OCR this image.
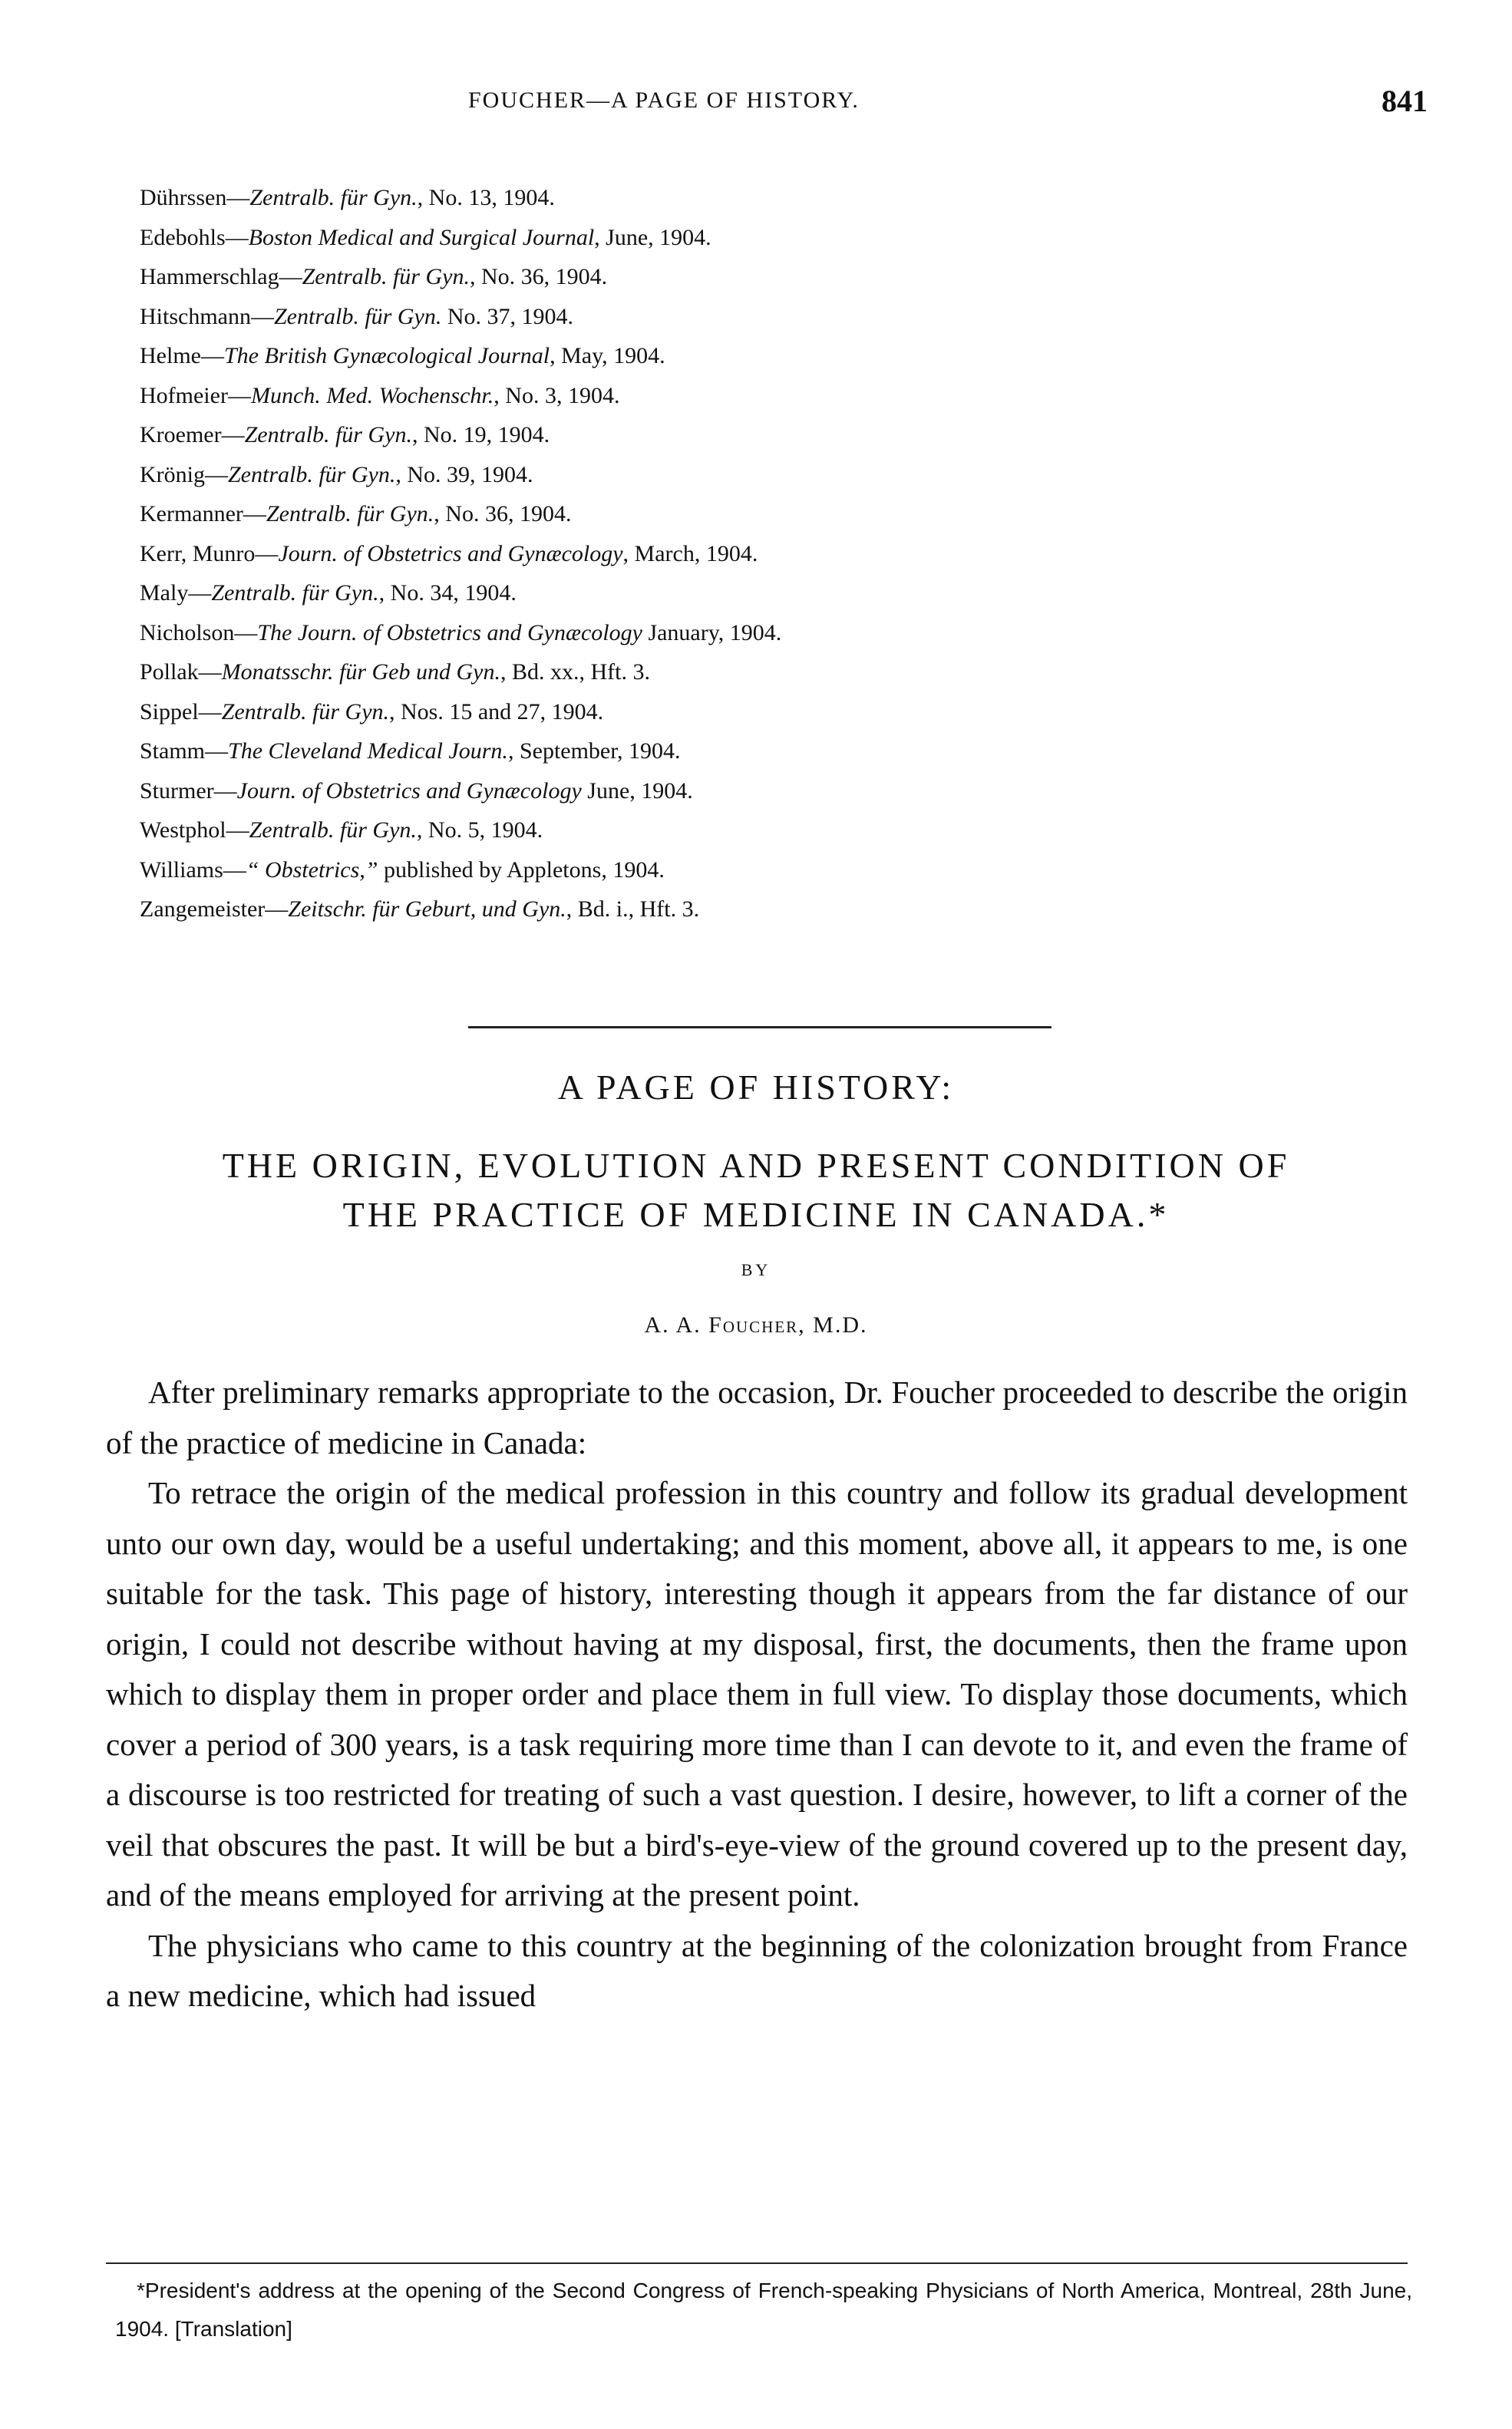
FOUCHER—A PAGE OF HISTORY.	841
Dührssen—Zentralb. für Gyn., No. 13, 1904.
Edebohls—Boston Medical and Surgical Journal, June, 1904.
Hammerschlag—Zentralb. für Gyn., No. 36, 1904.
Hitschmann—Zentralb. für Gyn. No. 37, 1904.
Helme—The British Gynæcological Journal, May, 1904.
Hofmeier—Munch. Med. Wochenschr., No. 3, 1904.
Kroemer—Zentralb. für Gyn., No. 19, 1904.
Krönig—Zentralb. für Gyn., No. 39, 1904.
Kermanner—Zentralb. für Gyn., No. 36, 1904.
Kerr, Munro—Journ. of Obstetrics and Gynæcology, March, 1904.
Maly—Zentralb. für Gyn., No. 34, 1904.
Nicholson—The Journ. of Obstetrics and Gynæcology January, 1904.
Pollak—Monatsschr. für Geb und Gyn., Bd. xx., Hft. 3.
Sippel—Zentralb. für Gyn., Nos. 15 and 27, 1904.
Stamm—The Cleveland Medical Journ., September, 1904.
Sturmer—Journ. of Obstetrics and Gynæcology June, 1904.
Westphol—Zentralb. für Gyn., No. 5, 1904.
Williams—“ Obstetrics,” published by Appletons, 1904.
Zangemeister—Zeitschr. für Geburt, und Gyn., Bd. i., Hft. 3.
A PAGE OF HISTORY:
THE ORIGIN, EVOLUTION AND PRESENT CONDITION OF
THE PRACTICE OF MEDICINE IN CANADA.*
BY
A. A. Foucher, M.D.

After preliminary remarks appropriate to the occasion, Dr. Foucher proceeded to describe the origin of the practice of medicine in Canada:

To retrace the origin of the medical profession in this country and follow its gradual development unto our own day, would be a useful undertaking; and this moment, above all, it appears to me, is one suitable for the task. This page of history, interesting though it appears from the far distance of our origin, I could not describe without having at my disposal, first, the documents, then the frame upon which to display them in proper order and place them in full view. To display those documents, which cover a period of 300 years, is a task requiring more time than I can devote to it, and even the frame of a discourse is too restricted for treating of such a vast question. I desire, however, to lift a corner of the veil that obscures the past. It will be but a bird's-eye-view of the ground covered up to the present day, and of the means employed for arriving at the present point.

The physicians who came to this country at the beginning of the colonization brought from France a new medicine, which had issued

*President's address at the opening of the Second Congress of French-speaking Physicians of North America, Montreal, 28th June, 1904. [Translation]
